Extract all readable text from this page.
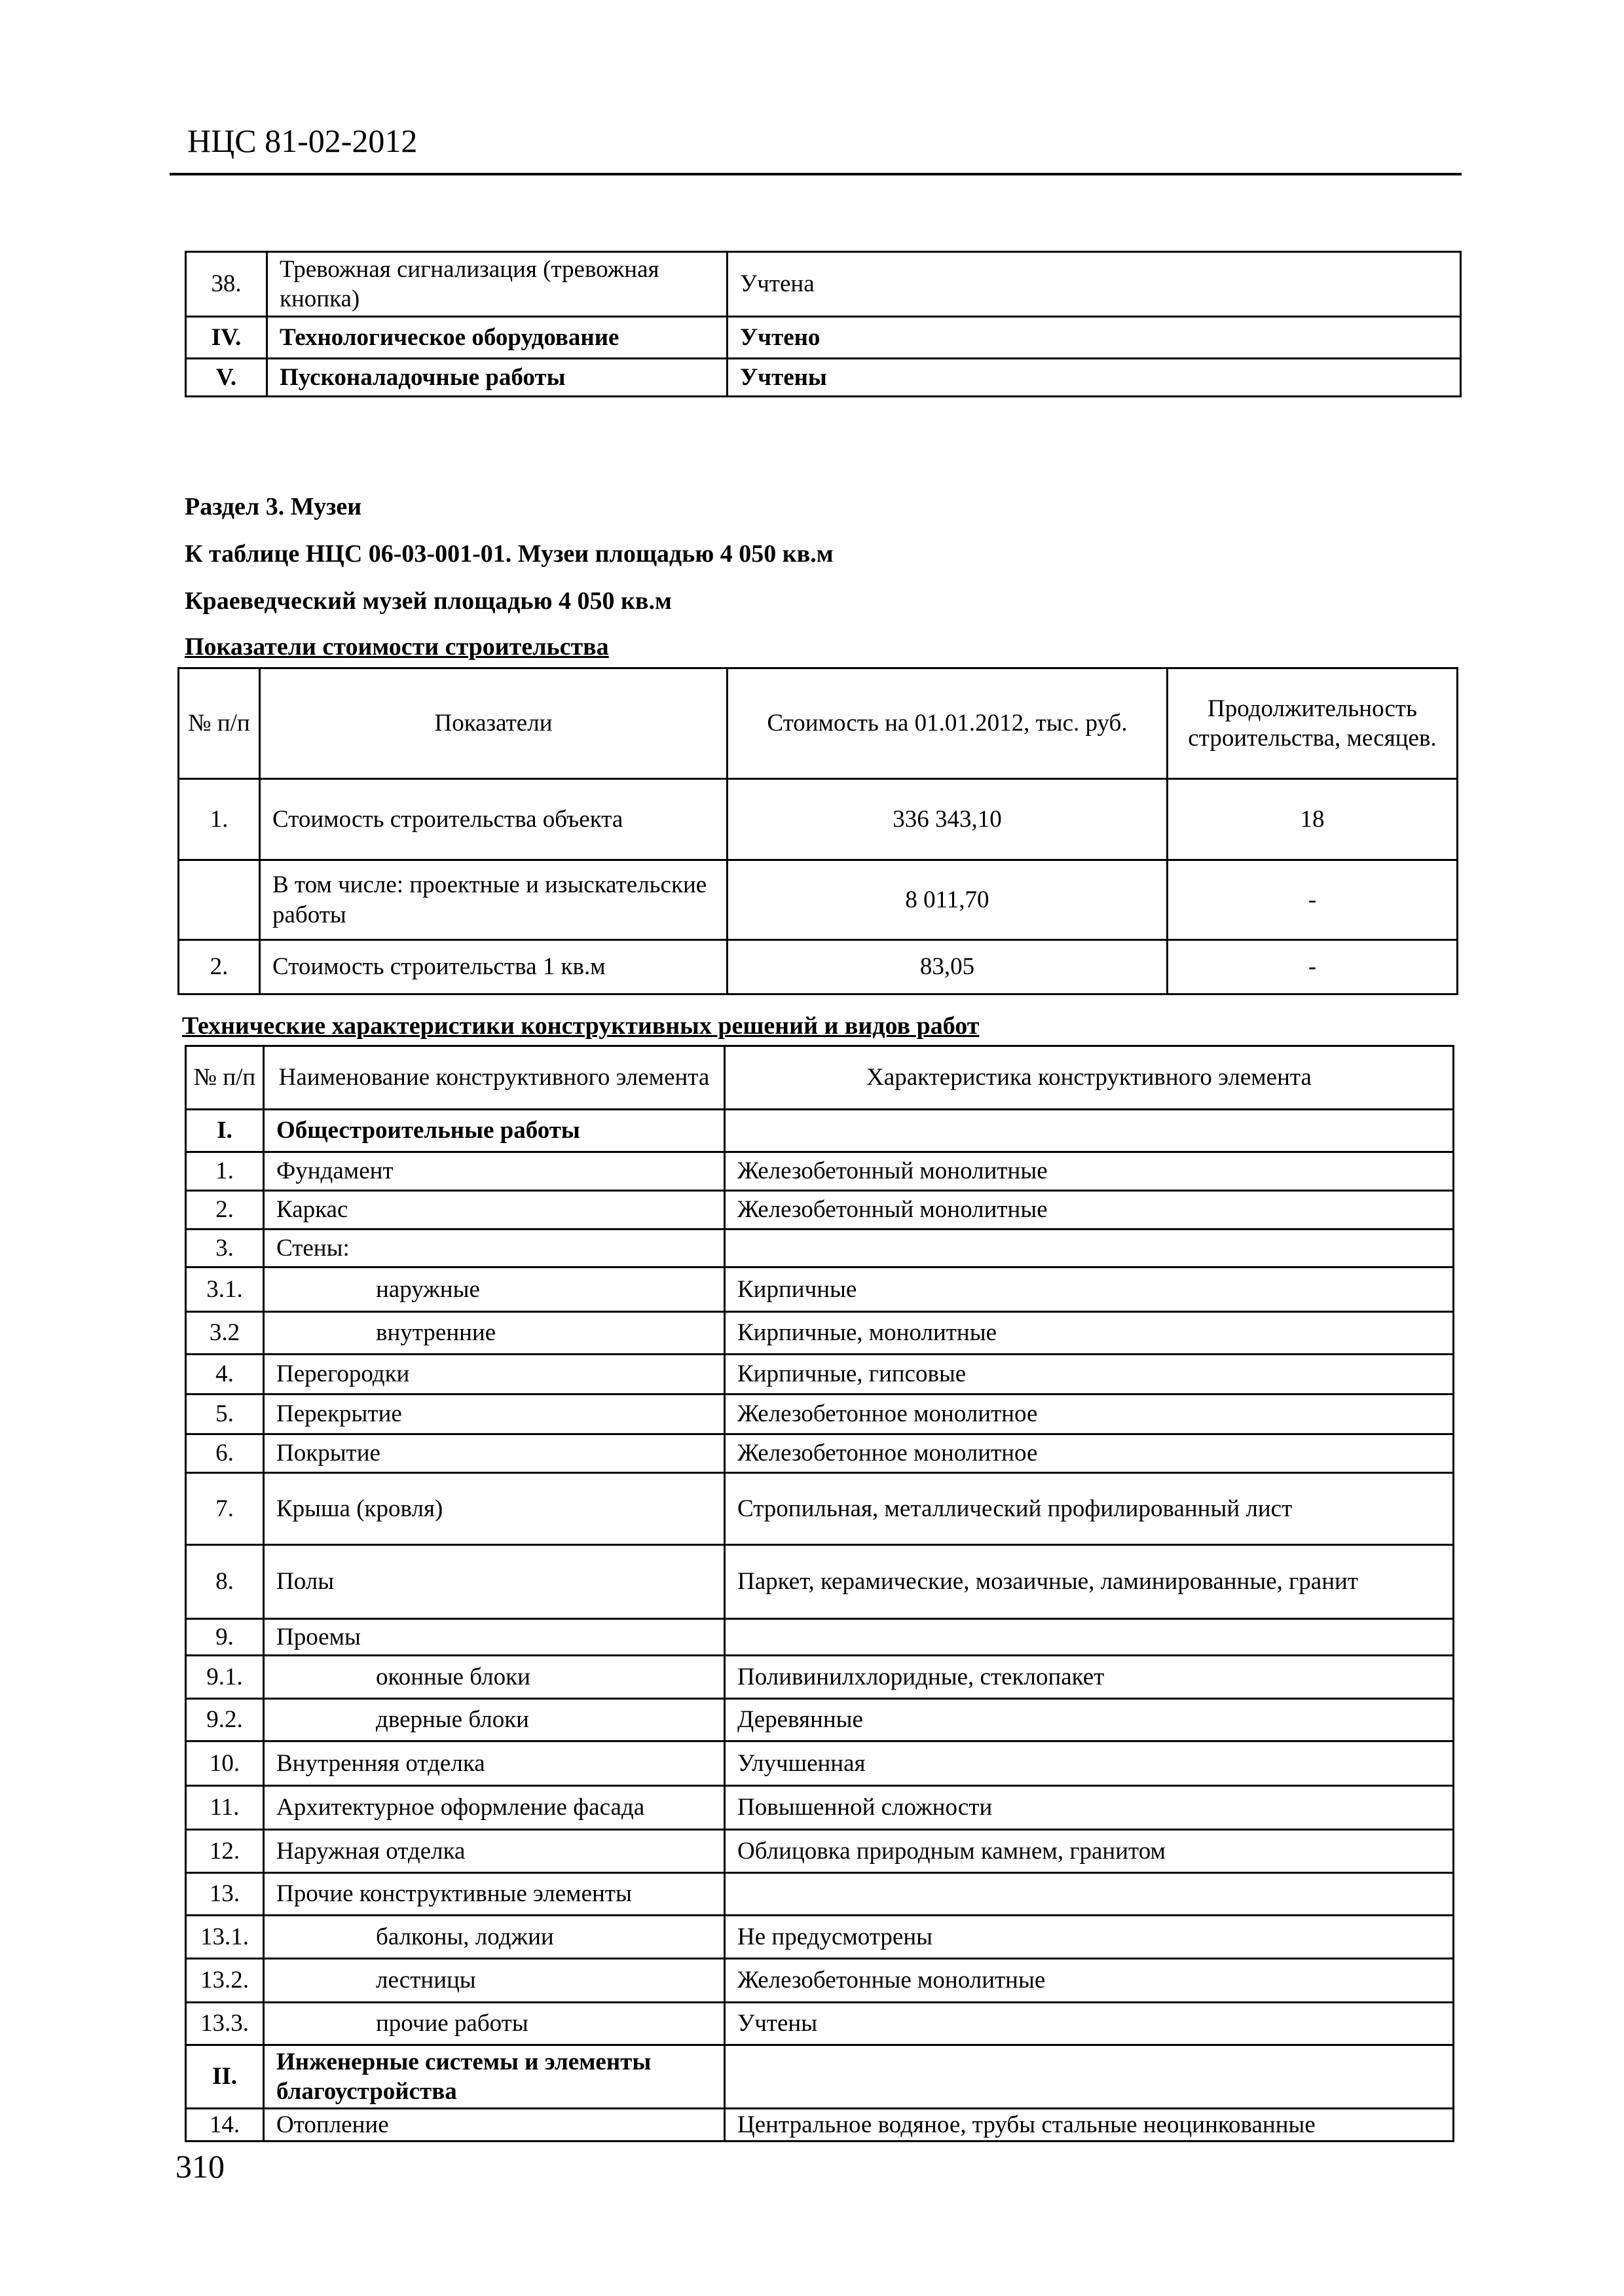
НЦС 81-02-2012
38.	Тревожная сигнализация (тревожная кнопка)	Учтена
IV.	Технологическое оборудование	Учтено
V.	Пусконаладочные работы	Учтены
Раздел 3. Музеи
К таблице НЦС 06-03-001-01. Музеи площадью 4 050 кв.м
Краеведческий музей площадью 4 050 кв.м
Показатели стоимости строительства
№ п/п	Показатели	Стоимость на 01.01.2012, тыс. руб.	Продолжительность строительства, месяцев.
1.	Стоимость строительства объекта	336 343,10	18
	В том числе: проектные и изыскательские работы	8 011,70	-
2.	Стоимость строительства 1 кв.м	83,05	-
Технические характеристики конструктивных решений и видов работ
№ п/п	Наименование конструктивного элемента	Характеристика конструктивного элемента
I.	Общестроительные работы	
1.	Фундамент	Железобетонный монолитные
2.	Каркас	Железобетонный монолитные
3.	Стены:	
3.1.	наружные	Кирпичные
3.2	внутренние	Кирпичные, монолитные
4.	Перегородки	Кирпичные, гипсовые
5.	Перекрытие	Железобетонное монолитное
6.	Покрытие	Железобетонное монолитное
7.	Крыша (кровля)	Стропильная, металлический профилированный лист
8.	Полы	Паркет, керамические, мозаичные, ламинированные, гранит
9.	Проемы	
9.1.	оконные блоки	Поливинилхлоридные, стеклопакет
9.2.	дверные блоки	Деревянные
10.	Внутренняя отделка	Улучшенная
11.	Архитектурное оформление фасада	Повышенной сложности
12.	Наружная отделка	Облицовка природным камнем, гранитом
13.	Прочие конструктивные элементы	
13.1.	балконы, лоджии	Не предусмотрены
13.2.	лестницы	Железобетонные монолитные
13.3.	прочие работы	Учтены
II.	Инженерные системы и элементы благоустройства	
14.	Отопление	Центральное водяное, трубы стальные неоцинкованные
310
